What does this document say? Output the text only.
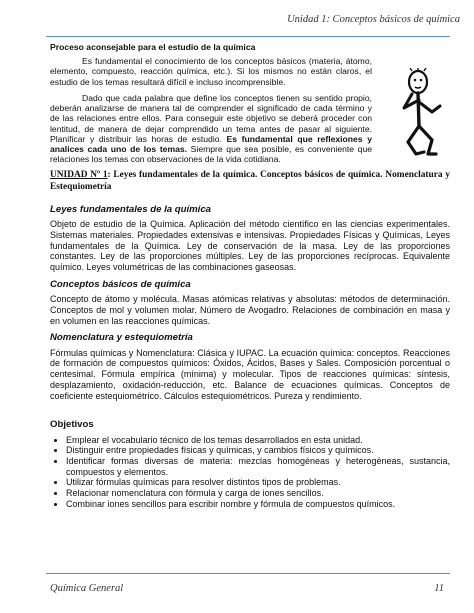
Unidad 1: Conceptos básicos de química
Proceso aconsejable para el estudio de la química

Es fundamental el conocimiento de los conceptos básicos (materia, átomo, elemento, compuesto, reacción química, etc.). Si los mismos no están claros, el estudio de los temas resultará difícil e incluso incomprensible.

Dado que cada palabra que define los conceptos tienen su sentido propio, deberán analizarse de manera tal de comprender el significado de cada término y de las relaciones entre ellos. Para conseguir este objetivo se deberá proceder con lentitud, de manera de dejar comprendido un tema antes de pasar al siguiente. Planificar y distribuir las horas de estudio. Es fundamental que reflexiones y analices cada uno de los temas. Siempre que sea posible, es conveniente que relaciones los temas con observaciones de la vida cotidiana.

UNIDAD Nº 1: Leyes fundamentales de la química. Conceptos básicos de química. Nomenclatura y Estequiometría
Leyes fundamentales de la química

Objeto de estudio de la Química. Aplicación del método científico en las ciencias experimentales. Sistemas materiales. Propiedades extensivas e intensivas. Propiedades Físicas y Químicas, Leyes fundamentales de la Química. Ley de conservación de la masa. Ley de las proporciones constantes. Ley de las proporciones múltiples. Ley de las proporciones recíprocas. Equivalente químico. Leyes volumétricas de las combinaciones gaseosas.

Conceptos básicos de química

Concepto de átomo y molécula. Masas atómicas relativas y absolutas: métodos de determinación. Conceptos de mol y volumen molar. Número de Avogadro. Relaciones de combinación en masa y en volumen en las reacciones químicas.

Nomenclatura y estequiometría

Fórmulas químicas y Nomenclatura: Clásica y IUPAC. La ecuación química: conceptos. Reacciones de formación de compuestos químicos: Óxidos, Ácidos, Bases y Sales. Composición porcentual o centesimal. Fórmula empírica (mínima) y molecular. Tipos de reacciones químicas: síntesis, desplazamiento, oxidación-reducción, etc. Balance de ecuaciones químicas. Conceptos de coeficiente estequiométrico. Cálculos estequiométricos. Pureza y rendimiento.

Objetivos
• Emplear el vocabulario técnico de los temas desarrollados en esta unidad.
• Distinguir entre propiedades físicas y químicas, y cambios físicos y químicos.
• Identificar formas diversas de materia: mezclas homogéneas y heterogéneas, sustancia, compuestos y elementos.
• Utilizar fórmulas químicas para resolver distintos tipos de problemas.
• Relacionar nomenclatura con fórmula y carga de iones sencillos.
• Combinar iones sencillos para escribir nombre y fórmula de compuestos químicos.
Química General	11
